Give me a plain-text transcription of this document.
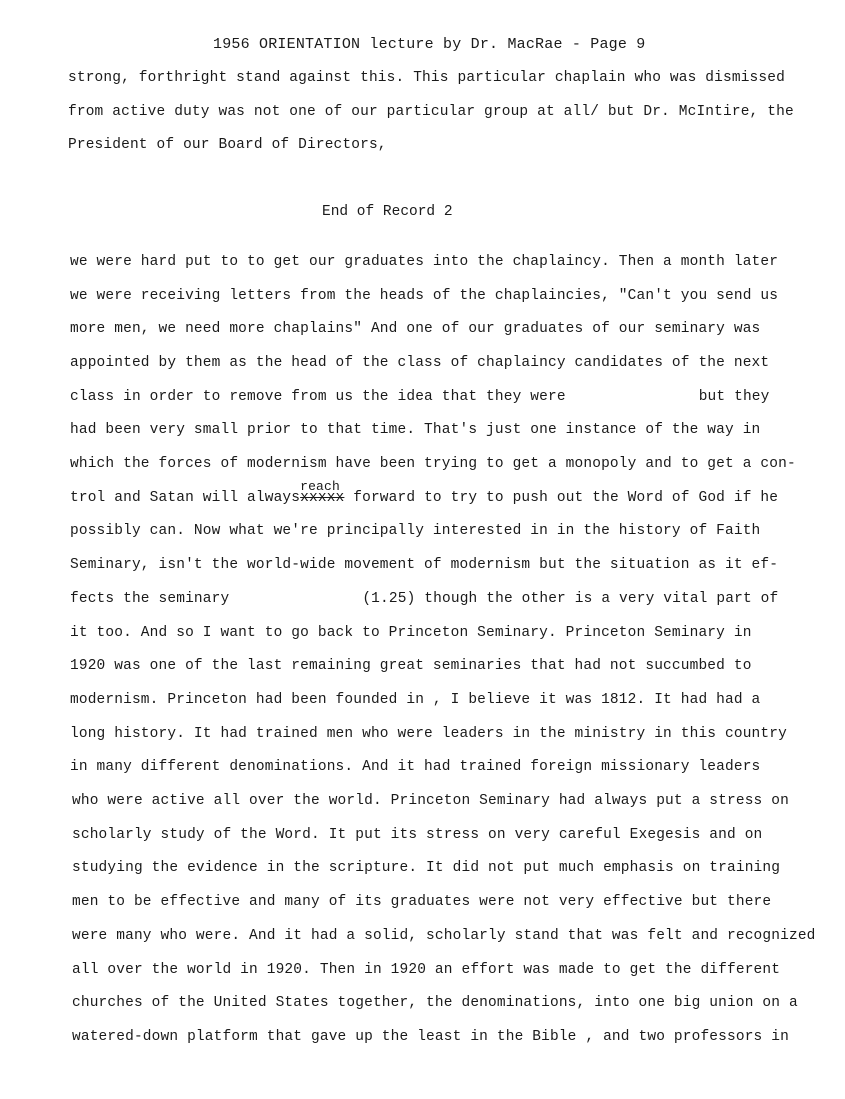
1956 ORIENTATION lecture by Dr. MacRae - Page 9
strong, forthright stand against this. This particular chaplain who was dismissed
from active duty was not one of our particular group at all/ but Dr. McIntire, the
President of our Board of Directors,
End of Record 2
we were hard put to to get our graduates into the chaplaincy. Then a month later
we were receiving letters from the heads of the chaplaincies, "Can't you send us
more men, we need more chaplains" And one of our graduates of our seminary was
appointed by them as the head of the class of chaplaincy candidates of the next
class in order to remove from us the idea that they were	but they
had been very small prior to that time. That's just one instance of the way in
which the forces of modernism have been trying to get a monopoly and to get a con-
trol and Satan will always
reach
xxxxx forward to try to push out the Word of God if he
possibly can. Now what we're principally interested in in the history of Faith
Seminary, isn't the world-wide movement of modernism but the situation as it ef-
fects the seminary	(1.25) though the other is a very vital part of
it too. And so I want to go back to Princeton Seminary. Princeton Seminary in
1920 was one of the last remaining great seminaries that had not succumbed to
modernism. Princeton had been founded in , I believe it was 1812. It had had a
long history. It had trained men who were leaders in the ministry in this country
in many different denominations. And it had trained foreign missionary leaders
who were active all over the world. Princeton Seminary had always put a stress on
scholarly study of the Word. It put its stress on very careful Exegesis and on
studying the evidence in the scripture. It did not put much emphasis on training
men to be effective and many of its graduates were not very effective but there
were many who were. And it had a solid, scholarly stand that was felt and recognized
all over the world in 1920. Then in 1920 an effort was made to get the different
churches of the United States together, the denominations, into one big union on a
watered-down platform that gave up the least in the Bible , and two professors in
